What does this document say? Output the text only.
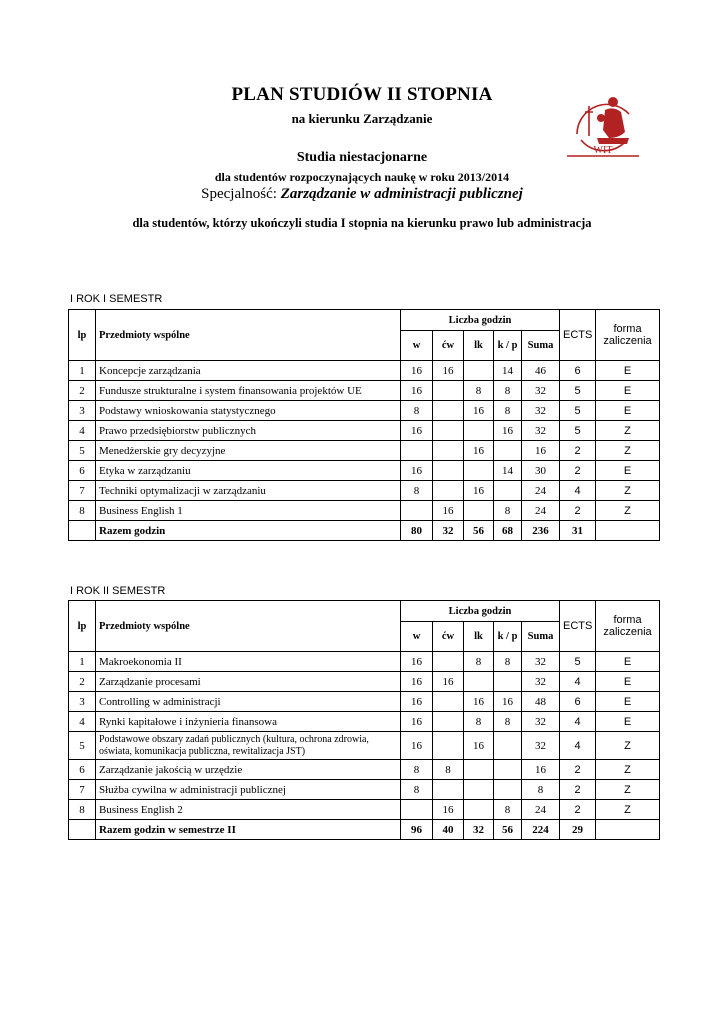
PLAN STUDIÓW II STOPNIA
na kierunku Zarządzanie
Studia niestacjonarne
dla studentów rozpoczynających naukę w roku 2013/2014
Specjalność: Zarządzanie w administracji publicznej
dla studentów, którzy ukończyli studia I stopnia na kierunku prawo lub administracja
WIT
I ROK I SEMESTR
lp	Przedmioty wspólne	Liczba godzin					ECTS	forma zaliczenia
		w	ćw	lk	k / p	Suma		
1	Koncepcje zarządzania	16	16		14	46	6	E
2	Fundusze strukturalne i system finansowania projektów UE	16		8	8	32	5	E
3	Podstawy wnioskowania statystycznego	8		16	8	32	5	E
4	Prawo przedsiębiorstw publicznych	16			16	32	5	Z
5	Menedżerskie gry decyzyjne			16		16	2	Z
6	Etyka w zarządzaniu	16			14	30	2	E
7	Techniki optymalizacji w zarządzaniu	8		16		24	4	Z
8	Business English 1		16		8	24	2	Z
	Razem godzin	80	32	56	68	236	31	
I ROK II SEMESTR
lp	Przedmioty wspólne	Liczba godzin					ECTS	forma zaliczenia
		w	ćw	lk	k / p	Suma		
1	Makroekonomia II	16		8	8	32	5	E
2	Zarządzanie procesami	16	16			32	4	E
3	Controlling w administracji	16		16	16	48	6	E
4	Rynki kapitałowe i inżynieria finansowa	16		8	8	32	4	E
5	Podstawowe obszary zadań publicznych (kultura, ochrona zdrowia, oświata, komunikacja publiczna, rewitalizacja JST)	16		16		32	4	Z
6	Zarządzanie jakością w urzędzie	8	8			16	2	Z
7	Służba cywilna w administracji publicznej	8				8	2	Z
8	Business English 2		16		8	24	2	Z
	Razem godzin w semestrze II	96	40	32	56	224	29	
